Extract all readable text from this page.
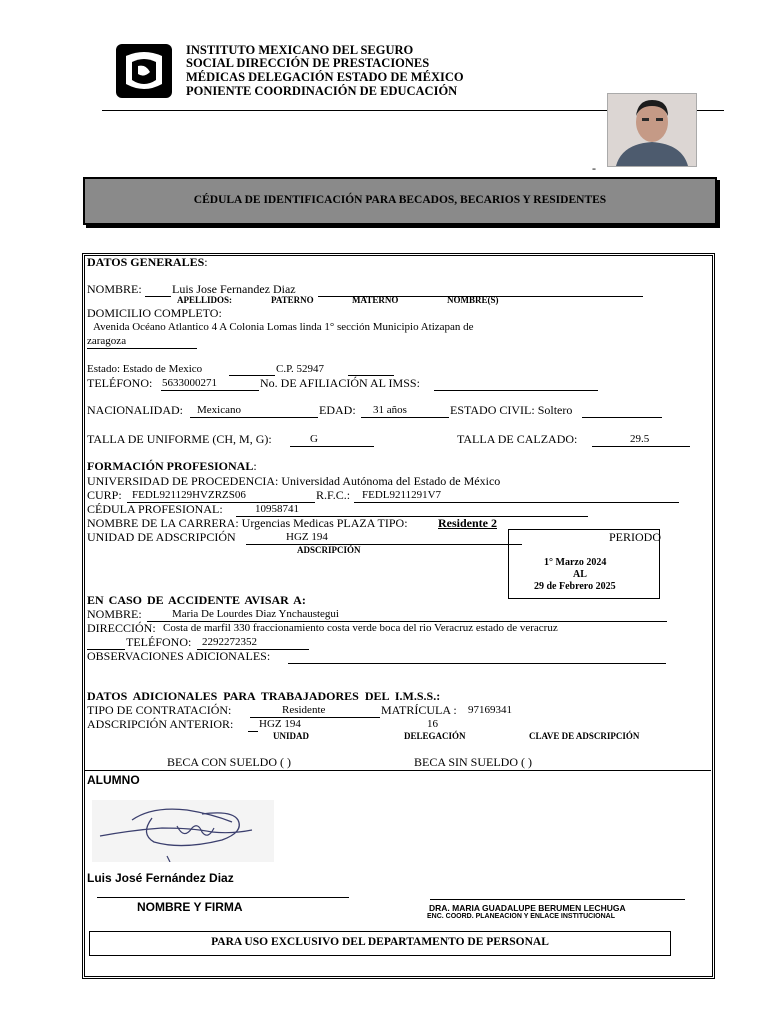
INSTITUTO MEXICANO DEL SEGURO
SOCIAL DIRECCIÓN DE PRESTACIONES
MÉDICAS DELEGACIÓN ESTADO DE MÉXICO
PONIENTE COORDINACIÓN DE EDUCACIÓN
-
CÉDULA DE IDENTIFICACIÓN PARA BECADOS, BECARIOS Y RESIDENTES
DATOS GENERALES:
NOMBRE:	Luis Jose Fernandez Diaz
APELLIDOS:	PATERNO	MATERNO	NOMBRE(S)
DOMICILIO COMPLETO:
Avenida Océano Atlantico 4 A Colonia Lomas linda 1° sección Municipio Atizapan de
zaragoza
Estado: Estado de Mexico	C.P. 52947
TELÉFONO: 5633000271	No. DE AFILIACIÓN AL IMSS:
NACIONALIDAD: Mexicano	EDAD: 31 años	ESTADO CIVIL: Soltero
TALLA DE UNIFORME (CH, M, G):	G	TALLA DE CALZADO:	29.5
FORMACIÓN PROFESIONAL:
UNIVERSIDAD DE PROCEDENCIA: Universidad Autónoma del Estado de México
CURP: FEDL921129HVZRZS06	R.F.C.: FEDL9211291V7
CÉDULA PROFESIONAL:	10958741
NOMBRE DE LA CARRERA: Urgencias Medicas PLAZA TIPO:	Residente 2
UNIDAD DE ADSCRIPCIÓN	HGZ 194
ADSCRIPCIÓN
PERIODO
1° Marzo 2024
AL
29 de Febrero 2025
EN CASO DE ACCIDENTE AVISAR A:
NOMBRE:	Maria De Lourdes Diaz Ynchaustegui
DIRECCIÓN: Costa de marfil 330 fraccionamiento costa verde boca del rio Veracruz estado de veracruz
TELÉFONO: 2292272352
OBSERVACIONES ADICIONALES:
DATOS ADICIONALES PARA TRABAJADORES DEL I.M.S.S.:
TIPO DE CONTRATACIÓN:	Residente	MATRÍCULA : 97169341
ADSCRIPCIÓN ANTERIOR: HGZ 194	16
UNIDAD	DELEGACIÓN	CLAVE DE ADSCRIPCIÓN
BECA CON SUELDO ( )	BECA SIN SUELDO ( )
ALUMNO
Luis José Fernández Diaz
NOMBRE Y FIRMA	DRA. MARIA GUADALUPE BERUMEN LECHUGA
ENC. COORD. PLANEACION Y ENLACE INSTITUCIONAL
PARA USO EXCLUSIVO DEL DEPARTAMENTO DE PERSONAL
